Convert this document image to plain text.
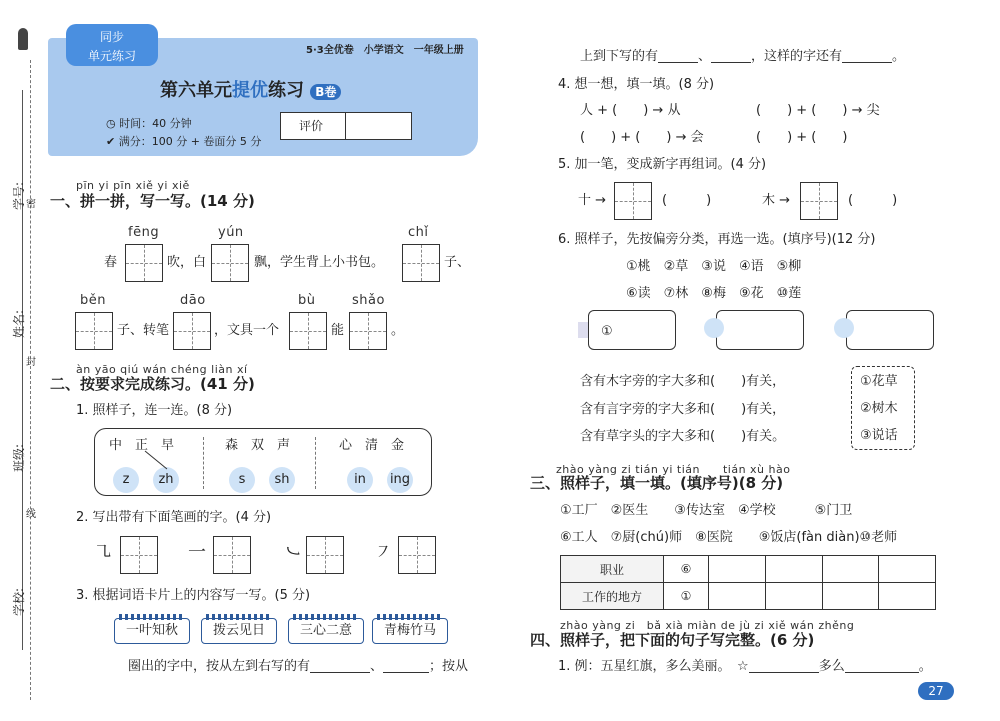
学号:
姓名:
班级:
学校:
密
封
线
同步
单元练习
第六单元提优练习 B卷
◷ 时间：40 分钟
✔ 满分：100 分 + 卷面分 5 分
评价
5·3全优卷　小学语文　一年级上册
pīn yi pīn xiě yi xiě
一、拼一拼，写一写。(14 分)
fēng	yún	chǐ
春	吹，白	飘，学生背上小书包。	子、
běn	dāo	bù	shǎo
子、转笔	，文具一个	能	。
àn yāo qiú wán chéng liàn xí
二、按要求完成练习。(41 分)
1. 照样子，连一连。(8 分)
中　正　早	森　双　声	心　清　金
z	zh	s	sh	in	ing
2. 写出带有下面笔画的字。(4 分)
㇈	一	㇃	㇇
3. 根据词语卡片上的内容写一写。(5 分)
一叶知秋	拨云见日	三心二意	青梅竹马
圈出的字中，按从左到右写的有	、	；按从
上到下写的有	、	，这样的字还有	。
4. 想一想，填一填。(8 分)
人 + (　　) → 从	(　　) + (　　) → 尖
(　　) + (　　) → 会	(　　) + (　　)
5. 加一笔，变成新字再组词。(4 分)
十 →	(　　　)	木 →	(　　　)
6. 照样子，先按偏旁分类，再选一选。(填序号)(12 分)
①桃　②草　③说　④语　⑤柳
⑥读　⑦林　⑧梅　⑨花　⑩莲
①
含有木字旁的字大多和(　　)有关，
含有言字旁的字大多和(　　)有关，
含有草字头的字大多和(　　)有关。
①花草
②树木
③说话
zhào yàng zi tián yi tián　　tián xù hào
三、照样子，填一填。(填序号)(8 分)
①工厂　②医生　　③传达室　④学校　　　⑤门卫
⑥工人　⑦厨(chú)师　⑧医院　　⑨饭店(fàn diàn)⑩老师
职业	⑥				
工作的地方	①				
zhào yàng zi　bǎ xià miàn de jù zi xiě wán zhěng
四、照样子，把下面的句子写完整。(6 分)
1. 例：五星红旗，多么美丽。　☆	多么	。
27
